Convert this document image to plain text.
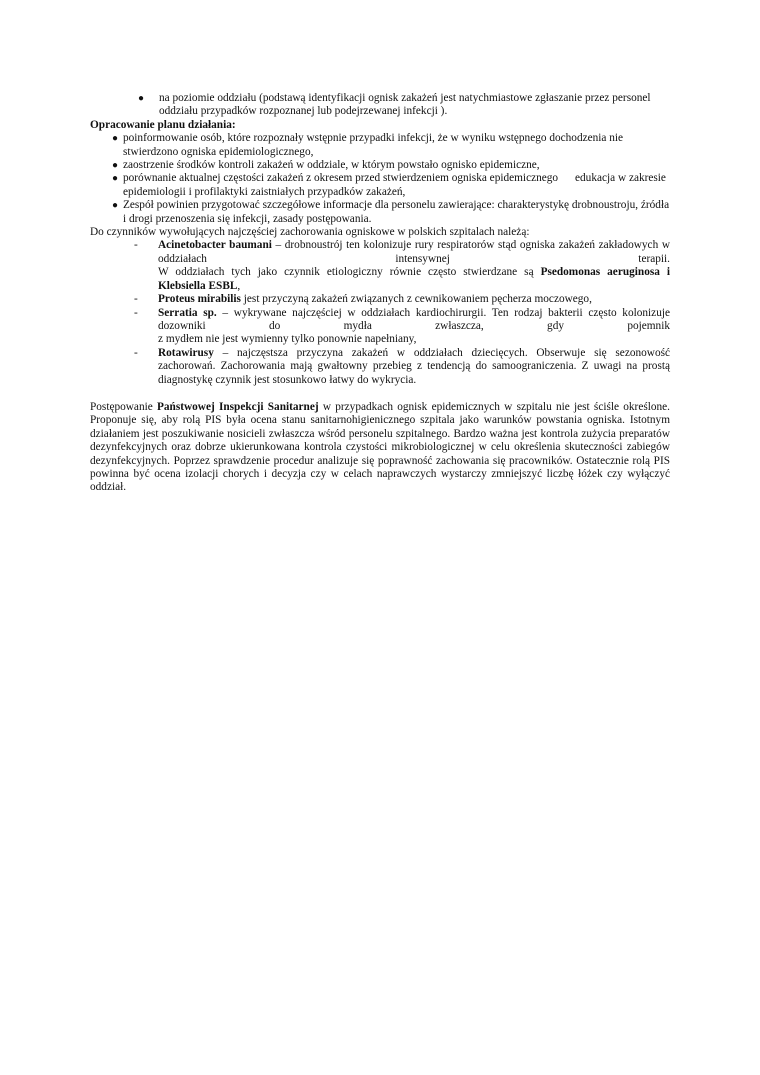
● na poziomie oddziału (podstawą identyfikacji ognisk zakażeń jest natychmiastowe zgłaszanie przez personel

oddziału przypadków rozpoznanej lub podejrzewanej infekcji ).

Opracowanie planu działania:

● poinformowanie osób, które rozpoznały wstępnie przypadki infekcji, że w wyniku wstępnego dochodzenia nie stwierdzono ogniska epidemiologicznego,

● zaostrzenie środków kontroli zakażeń w oddziale, w którym powstało ognisko epidemiczne,

● porównanie aktualnej częstości zakażeń z okresem przed stwierdzeniem ogniska epidemicznego      edukacja w zakresie epidemiologii i profilaktyki zaistniałych przypadków zakażeń,

● Zespół powinien przygotować szczegółowe informacje dla personelu zawierające: charakterystykę drobnoustroju, źródła i drogi przenoszenia się infekcji, zasady postępowania.

Do czynników wywołujących najczęściej zachorowania ogniskowe w polskich szpitalach należą:

- Acinetobacter baumani – drobnoustrój ten kolonizuje rury respiratorów stąd ogniska zakażeń zakładowych w oddziałach intensywnej terapii.

W oddziałach tych jako czynnik etiologiczny równie często stwierdzane są Psedomonas aeruginosa i Klebsiella ESBL,

- Proteus mirabilis jest przyczyną zakażeń związanych z cewnikowaniem pęcherza moczowego,

- Serratia sp. – wykrywane najczęściej w oddziałach kardiochirurgii. Ten rodzaj bakterii często kolonizuje dozowniki do mydła zwłaszcza, gdy pojemnik

z mydłem nie jest wymienny tylko ponownie napełniany,

- Rotawirusy – najczęstsza przyczyna zakażeń w oddziałach dziecięcych. Obserwuje się sezonowość zachorowań. Zachorowania mają gwałtowny przebieg z tendencją do samoograniczenia. Z uwagi na prostą diagnostykę czynnik jest stosunkowo łatwy do wykrycia.

Postępowanie Państwowej Inspekcji Sanitarnej w przypadkach ognisk epidemicznych w szpitalu nie jest ściśle określone. Proponuje się, aby rolą PIS była ocena stanu sanitarnohigienicznego szpitala jako warunków powstania ogniska. Istotnym działaniem jest poszukiwanie nosicieli zwłaszcza wśród personelu szpitalnego. Bardzo ważna jest kontrola zużycia preparatów dezynfekcyjnych oraz dobrze ukierunkowana kontrola czystości mikrobiologicznej w celu określenia skuteczności zabiegów dezynfekcyjnych. Poprzez sprawdzenie procedur analizuje się poprawność zachowania się pracowników. Ostatecznie rolą PIS powinna być ocena izolacji chorych i decyzja czy w celach naprawczych wystarczy zmniejszyć liczbę łóżek czy wyłączyć oddział.
